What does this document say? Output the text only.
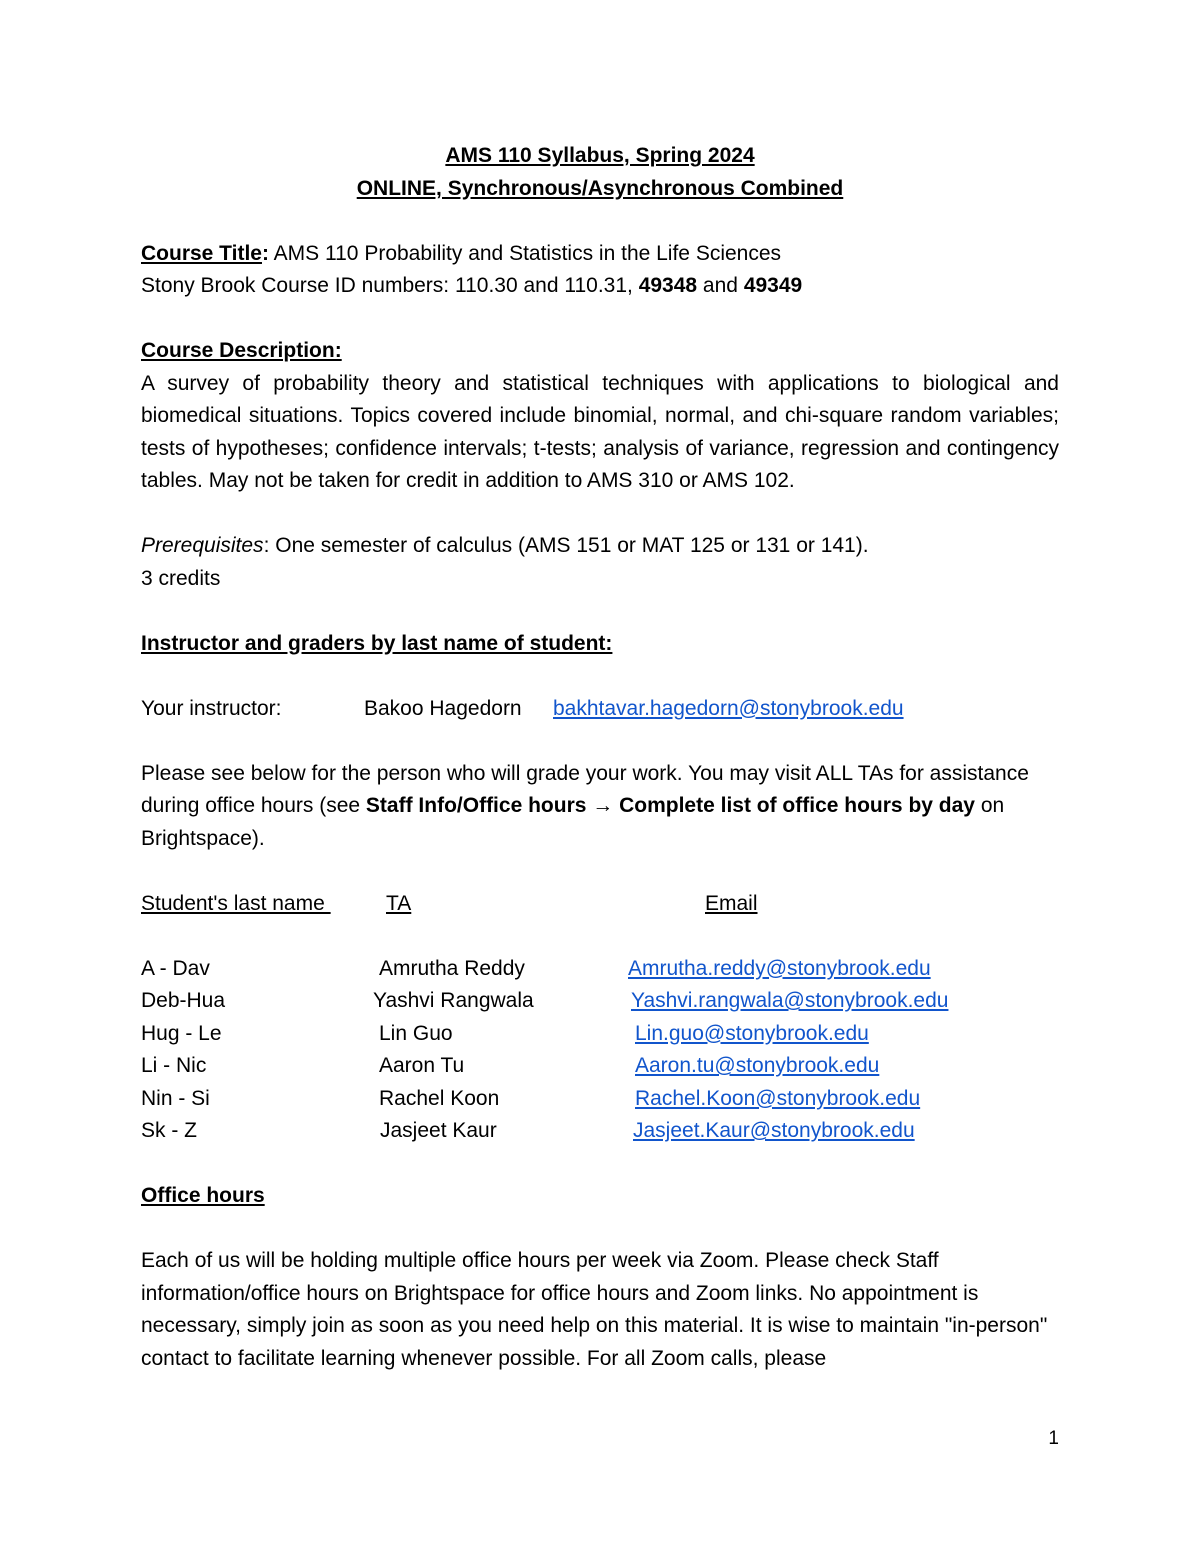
AMS 110 Syllabus, Spring 2024
ONLINE, Synchronous/Asynchronous Combined
Course Title: AMS 110 Probability and Statistics in the Life Sciences
Stony Brook Course ID numbers: 110.30 and 110.31, 49348 and 49349
Course Description:
A survey of probability theory and statistical techniques with applications to biological and biomedical situations. Topics covered include binomial, normal, and chi-square random variables; tests of hypotheses; confidence intervals; t-tests; analysis of variance, regression and contingency tables. May not be taken for credit in addition to AMS 310 or AMS 102.
Prerequisites: One semester of calculus (AMS 151 or MAT 125 or 131 or 141).
3 credits
Instructor and graders by last name of student:
Your instructor:	Bakoo Hagedorn bakhtavar.hagedorn@stonybrook.edu
Please see below for the person who will grade your work. You may visit ALL TAs for assistance during office hours (see Staff Info/Office hours → Complete list of office hours by day on Brightspace).
Student's last name	TA	Email
A - Dav	Amrutha Reddy	Amrutha.reddy@stonybrook.edu
Deb-Hua	Yashvi Rangwala	Yashvi.rangwala@stonybrook.edu
Hug - Le	Lin Guo	Lin.guo@stonybrook.edu
Li - Nic	Aaron Tu	Aaron.tu@stonybrook.edu
Nin - Si	Rachel Koon	Rachel.Koon@stonybrook.edu
Sk - Z	Jasjeet Kaur	Jasjeet.Kaur@stonybrook.edu
Office hours
Each of us will be holding multiple office hours per week via Zoom. Please check Staff information/office hours on Brightspace for office hours and Zoom links. No appointment is necessary, simply join as soon as you need help on this material. It is wise to maintain "in-person" contact to facilitate learning whenever possible. For all Zoom calls, please
1
